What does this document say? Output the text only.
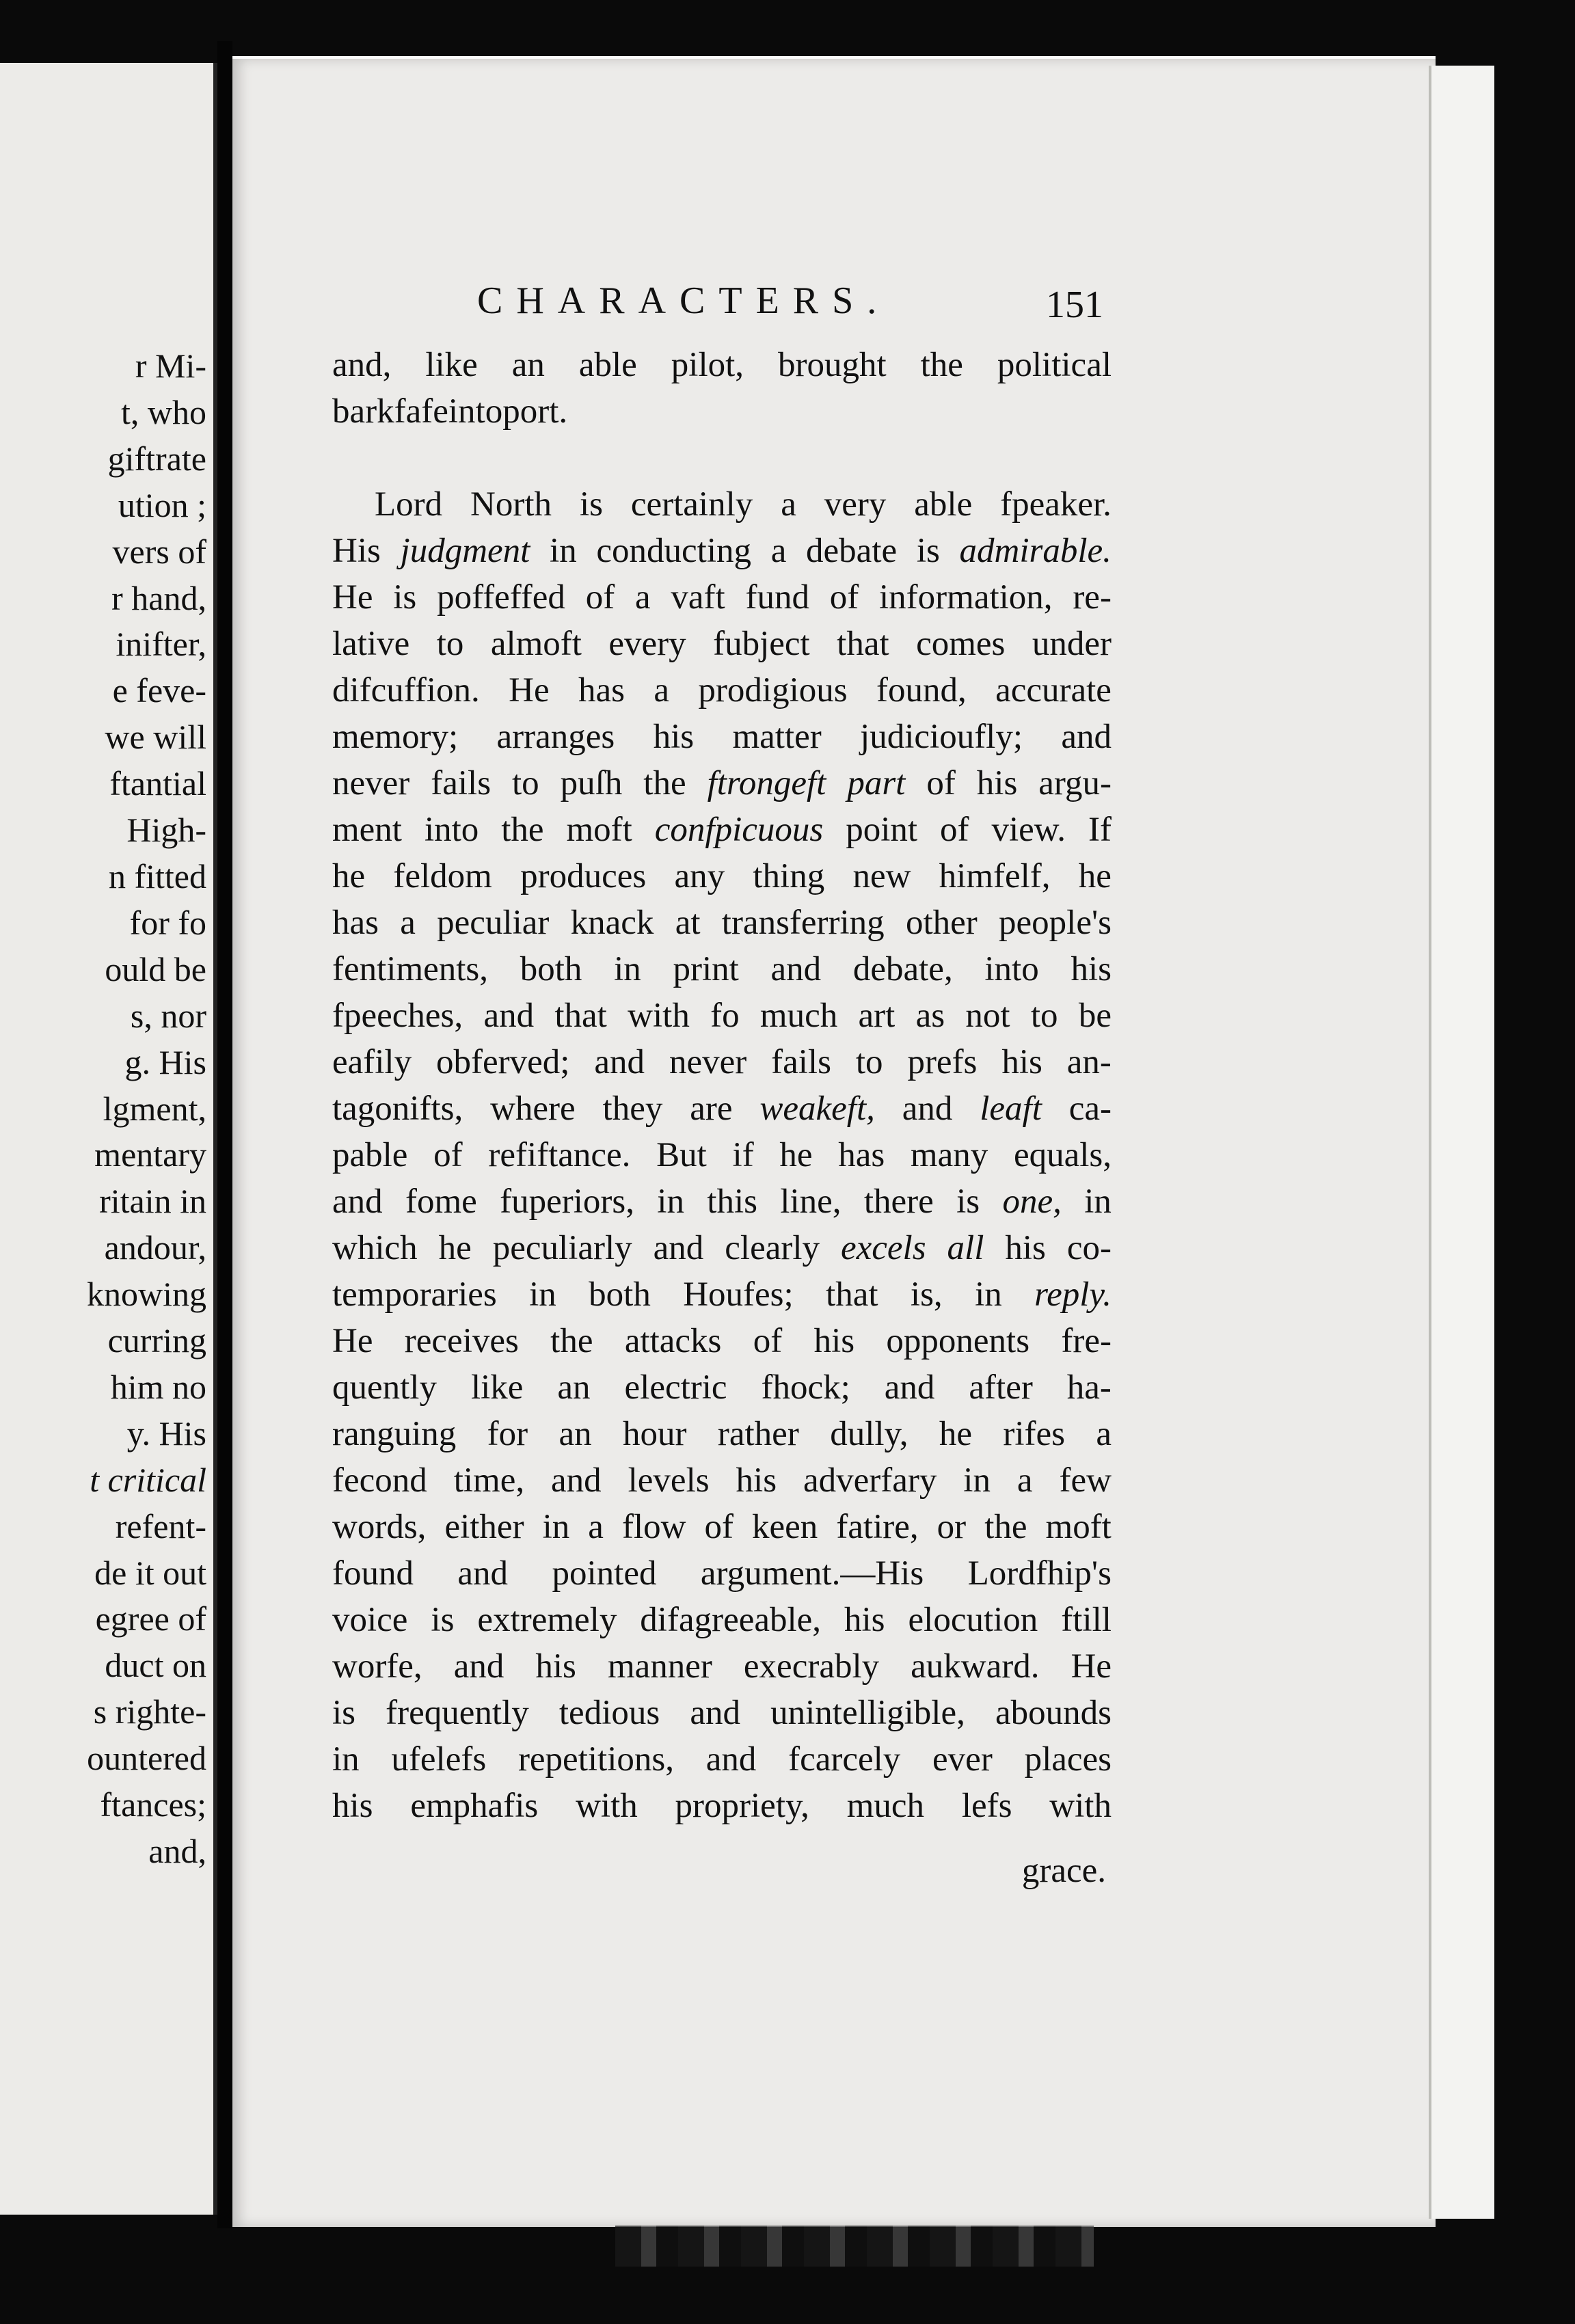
r Mi-
t, who
giftrate
ution ;
vers of
r hand,
inifter,
e feve-
we will
ftantial
High-
n fitted
for fo
ould be
s, nor
g. His
lgment,
mentary
ritain in
andour,
knowing
curring
him no
y. His
t critical
refent-
de it out
egree of
duct on
s righte-
ountered
ftances;
and,
CHARACTERS.	151
and, like an able pilot, brought the political
bark fafe into port.
Lord North is certainly a very able fpeaker.
His judgment in conducting a debate is admirable.
He is poffeffed of a vaft fund of information, re-
lative to almoft every fubject that comes under
difcuffion. He has a prodigious found, accurate
memory; arranges his matter judicioufly; and
never fails to puſh the ftrongeft part of his argu-
ment into the moft confpicuous point of view. If
he feldom produces any thing new himfelf, he
has a peculiar knack at transferring other people's
fentiments, both in print and debate, into his
fpeeches, and that with fo much art as not to be
eafily obferved; and never fails to prefs his an-
tagonifts, where they are weakeft, and leaft ca-
pable of refiftance. But if he has many equals,
and fome fuperiors, in this line, there is one, in
which he peculiarly and clearly excels all his co-
temporaries in both Houfes; that is, in reply.
He receives the attacks of his opponents fre-
quently like an electric fhock; and after ha-
ranguing for an hour rather dully, he rifes a
fecond time, and levels his adverfary in a few
words, either in a flow of keen fatire, or the moft
found and pointed argument.—His Lordfhip's
voice is extremely difagreeable, his elocution ftill
worfe, and his manner execrably aukward. He
is frequently tedious and unintelligible, abounds
in ufelefs repetitions, and fcarcely ever places
his emphafis with propriety, much lefs with
grace.
